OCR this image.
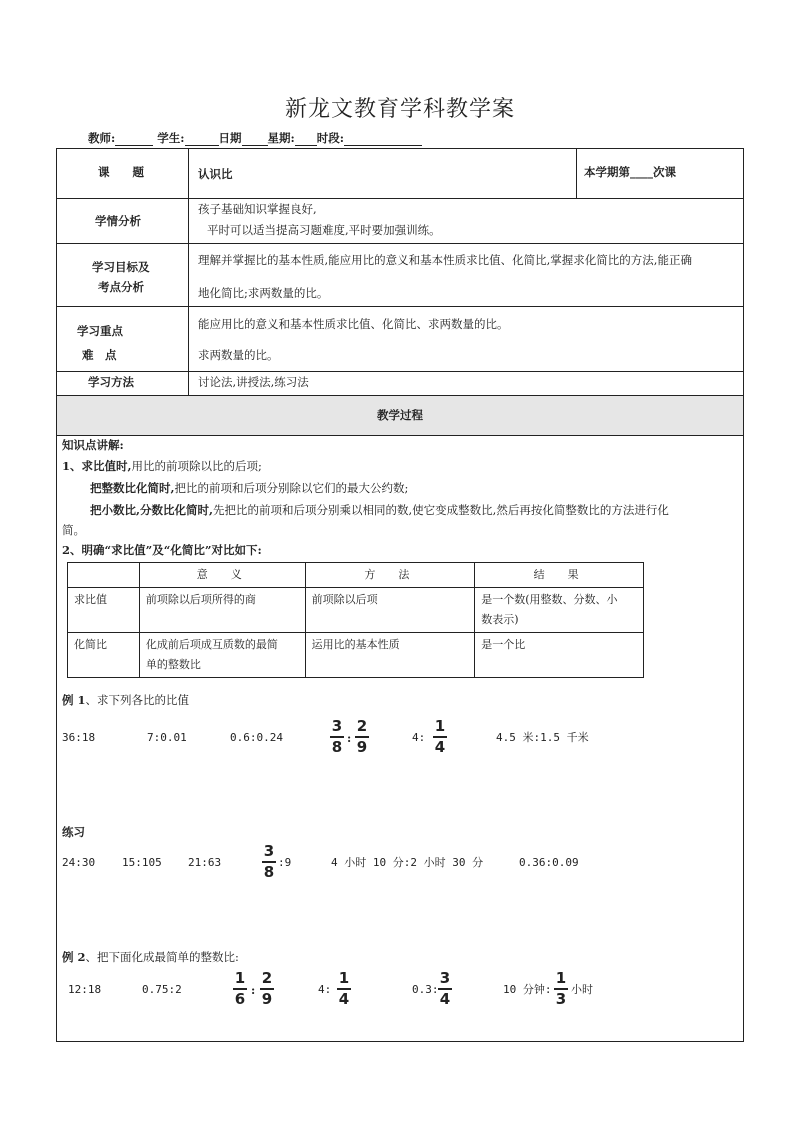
新龙文教育学科教学案
教师:	学生:	日期 星期: 时段:
课　　题	认识比	本学期第____次课
学情分析
孩子基础知识掌握良好,
平时可以适当提高习题难度,平时要加强训练。
学习目标及
考点分析
理解并掌握比的基本性质,能应用比的意义和基本性质求比值、化简比,掌握求化简比的方法,能正确
地化简比;求两数量的比。
学习重点
难　点
能应用比的意义和基本性质求比值、化简比、求两数量的比。
求两数量的比。
学习方法	讨论法,讲授法,练习法
教学过程
知识点讲解:
1、求比值时,用比的前项除以比的后项;
把整数比化简时,把比的前项和后项分别除以它们的最大公约数;
把小数比,分数比化简时,先把比的前项和后项分别乘以相同的数,使它变成整数比,然后再按化简整数比的方法进行化
简。
2、明确“求比值”及“化简比”对比如下:
	意　义	方　法	结　果
求比值	前项除以后项所得的商	前项除以后项	是一个数(用整数、分数、小
数表示)
化简比	化成前后项成互质数的最简
单的整数比	运用比的基本性质	是一个比
例 1、求下列各比的比值
36:18	7:0.01	0.6:0.24
3
8 :
2
9
4:
1
4
4.5 米:1.5 千米
练习
24:30 15:105 21:63
3
8
:9	4 小时 10 分:2 小时 30 分	0.36:0.09
例 2、把下面化成最简单的整数比:
12:18	0.75:2
1
6 :
2
9
4:
1
4
0.3:
3
4
10 分钟:
1
3
小时
